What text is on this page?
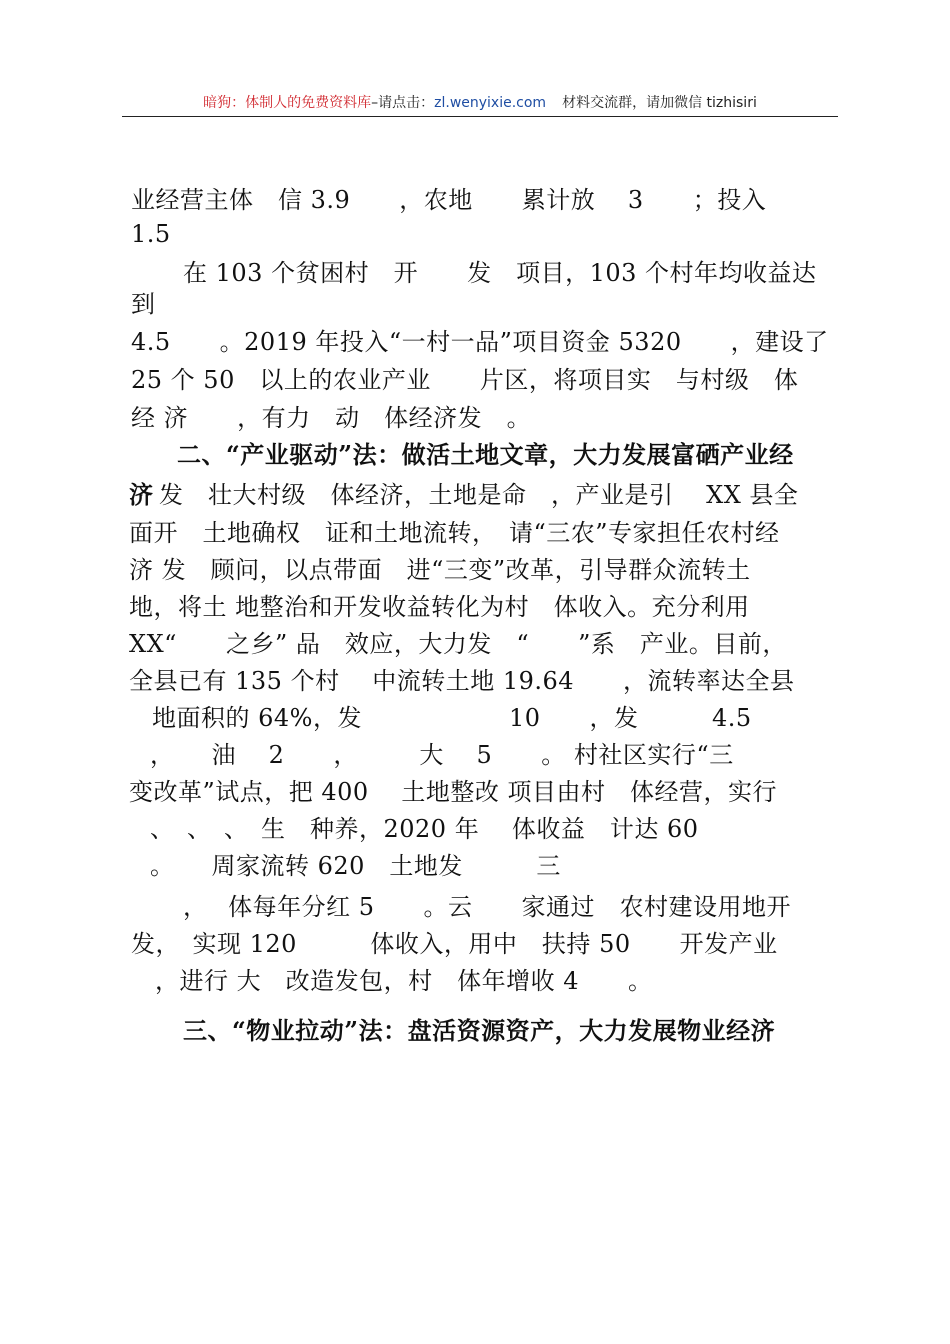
暗狗：体制人的免费资料库–请点击：zl.wenyixie.com 材料交流群，请加微信 tizhisiri
业经营主体　信 3.9　　，农地　　累计放　 3　　；投入
1.5
在 103 个贫困村　开　　发　项目，103 个村年均收益达
到
4.5　　。2019 年投入“一村一品”项目资金 5320　　，建设了
25 个 50　以上的农业产业　　片区，将项目实　与村级　体
经 济　　，有力　动　体经济发　。
二、“产业驱动”法：做活土地文章，大力发展富硒产业经
济 发　壮大村级　体经济，土地是命　，产业是引　 XX 县全
面开　土地确权　证和土地流转，　请“三农”专家担任农村经
济 发　顾问，以点带面　进“三变”改革，引导群众流转土
地，将土 地整治和开发收益转化为村　体收入。充分利用
XX“　　之乡” 品　效应，大力发　“　　”系　产业。目前，
全县已有 135 个村　 中流转土地 19.64　　，流转率达全县
地面积的 64%，发　　　　　　10　　，发　　　4.5
，　　油　 2　　，　　　大　 5　　。 村社区实行“三
变改革”试点，把 400　 土地整改 项目由村　体经营，实行
、　、　、　生　种养，2020 年　 体收益　计达 60
。　　周家流转 620　土地发　　　三
，　 体每年分红 5　　。云　　家通过　农村建设用地开
发，　实现 120　　　体收入，用中　扶持 50　　开发产业
，进行 大　改造发包，村　体年增收 4　　。
三、“物业拉动”法：盘活资源资产，大力发展物业经济
